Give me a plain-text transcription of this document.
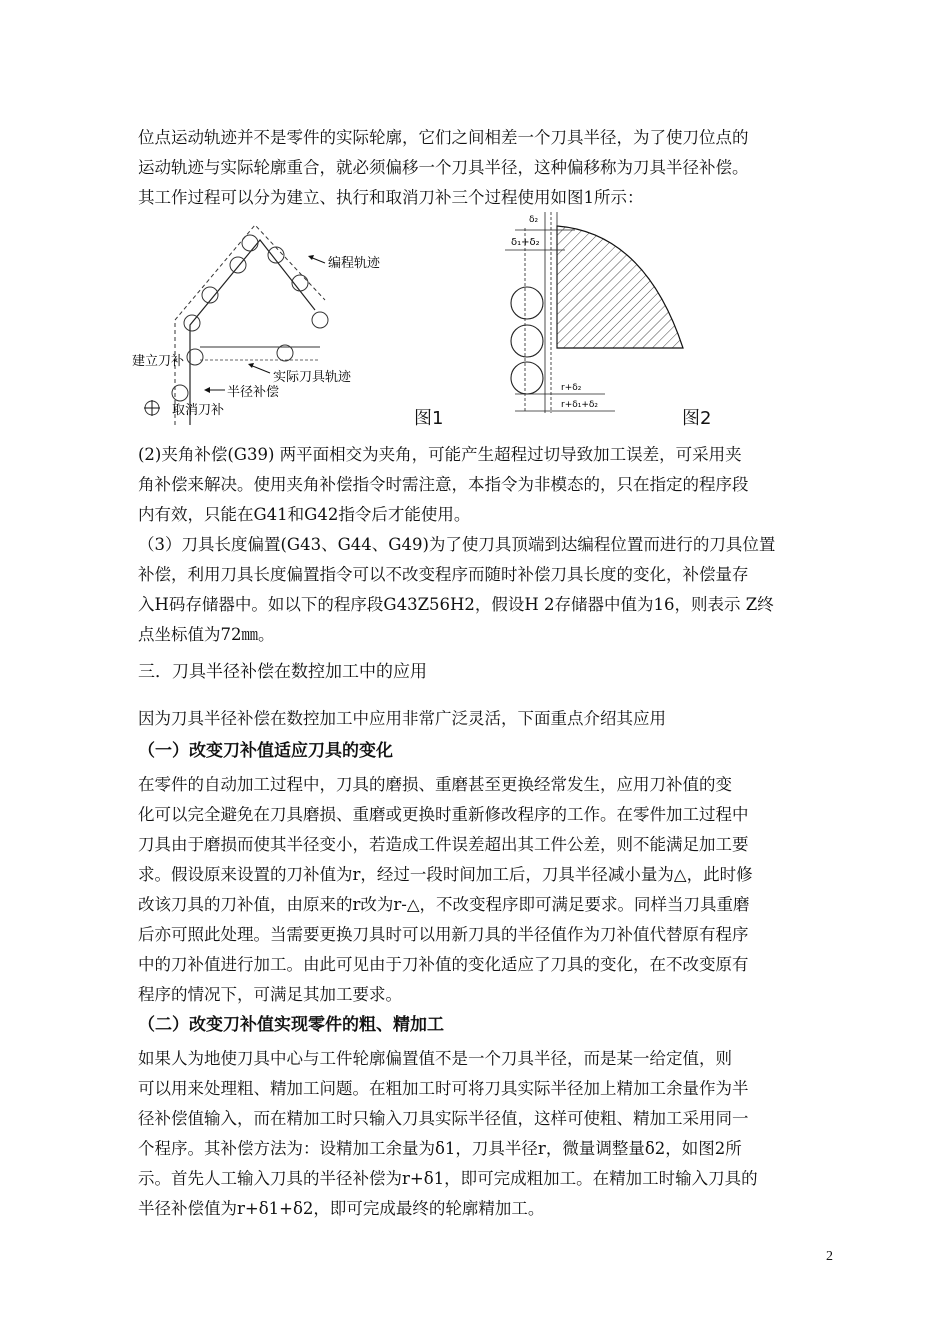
位点运动轨迹并不是零件的实际轮廓，它们之间相差一个刀具半径，为了使刀位点的
运动轨迹与实际轮廓重合，就必须偏移一个刀具半径，这种偏移称为刀具半径补偿。
其工作过程可以分为建立、执行和取消刀补三个过程使用如图1所示：

编程轨迹
建立刀补
实际刀具轨迹
半径补偿
取消刀补	图1
δ₂
δ₁+δ₂
r+δ₂
r+δ₁+δ₂
图2

(2)夹角补偿(G39) 两平面相交为夹角，可能产生超程过切导致加工误差，可采用夹
角补偿来解决。使用夹角补偿指令时需注意，本指令为非模态的，只在指定的程序段
内有效，只能在G41和G42指令后才能使用。

（3）刀具长度偏置(G43、G44、G49)为了使刀具顶端到达编程位置而进行的刀具位置
补偿，利用刀具长度偏置指令可以不改变程序而随时补偿刀具长度的变化，补偿量存
入H码存储器中。如以下的程序段G43Z56H2，假设H 2存储器中值为16，则表示 Z终
点坐标值为72㎜。

三．刀具半径补偿在数控加工中的应用

因为刀具半径补偿在数控加工中应用非常广泛灵活，下面重点介绍其应用

（一）改变刀补值适应刀具的变化

在零件的自动加工过程中，刀具的磨损、重磨甚至更换经常发生，应用刀补值的变
化可以完全避免在刀具磨损、重磨或更换时重新修改程序的工作。在零件加工过程中
刀具由于磨损而使其半径变小，若造成工件误差超出其工件公差，则不能满足加工要
求。假设原来设置的刀补值为r，经过一段时间加工后，刀具半径减小量为△，此时修
改该刀具的刀补值，由原来的r改为r-△，不改变程序即可满足要求。同样当刀具重磨
后亦可照此处理。当需要更换刀具时可以用新刀具的半径值作为刀补值代替原有程序
中的刀补值进行加工。由此可见由于刀补值的变化适应了刀具的变化，在不改变原有
程序的情况下，可满足其加工要求。

（二）改变刀补值实现零件的粗、精加工

如果人为地使刀具中心与工件轮廓偏置值不是一个刀具半径，而是某一给定值，则
可以用来处理粗、精加工问题。在粗加工时可将刀具实际半径加上精加工余量作为半
径补偿值输入，而在精加工时只输入刀具实际半径值，这样可使粗、精加工采用同一
个程序。其补偿方法为：设精加工余量为δ1，刀具半径r，微量调整量δ2，如图2所
示。首先人工输入刀具的半径补偿为r+δ1，即可完成粗加工。在精加工时输入刀具的
半径补偿值为r+δ1+δ2，即可完成最终的轮廓精加工。

2
